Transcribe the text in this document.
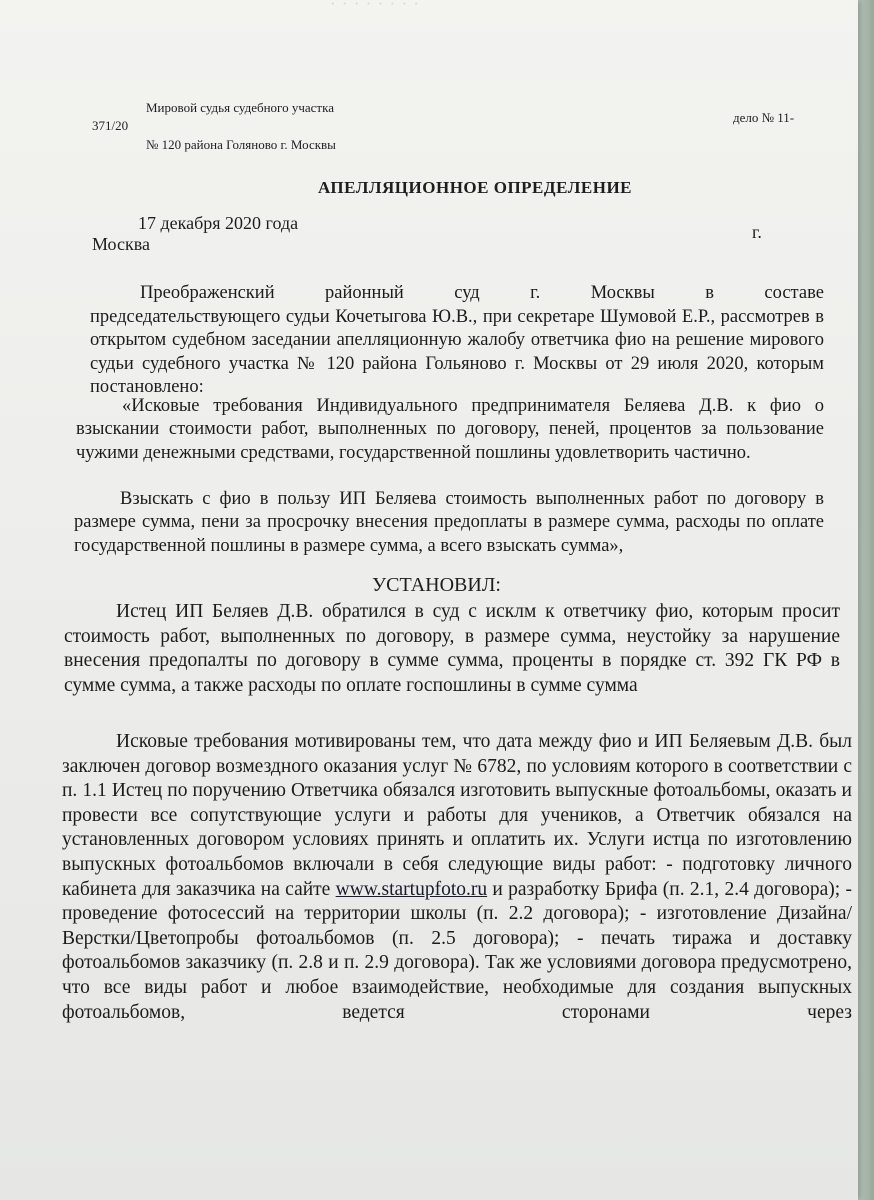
· · · · · · · ·

Мировой судья судебного участка

дело № 11-

371/20

№ 120 района Голяново г. Москвы

АПЕЛЛЯЦИОННОЕ ОПРЕДЕЛЕНИЕ

17 декабря 2020 года	г.

Москва

Преображенский	районный	суд	г.	Москвы	в	составе

председательствующего судьи Кочетыгова Ю.В., при секретаре Шумовой Е.Р., рассмотрев в открытом судебном заседании апелляционную жалобу ответчика фио на решение мирового судьи судебного участка № 120 района Гольяново г. Москвы от 29 июля 2020, которым постановлено:

«Исковые требования Индивидуального предпринимателя Беляева Д.В. к фио о взыскании стоимости работ, выполненных по договору, пеней, процентов за пользование чужими денежными средствами, государственной пошлины удовлетворить частично.

Взыскать с фио в пользу ИП Беляева стоимость выполненных работ по договору в размере сумма, пени за просрочку внесения предоплаты в размере сумма, расходы по оплате государственной пошлины в размере сумма, а всего взыскать сумма»,

УСТАНОВИЛ:

Истец ИП Беляев Д.В. обратился в суд с исклм к ответчику фио, которым просит стоимость работ, выполненных по договору, в размере сумма, неустойку за нарушение внесения предопалты по договору в сумме сумма, проценты в порядке ст. 392 ГК РФ в сумме сумма, а также расходы по оплате госпошлины в сумме сумма

Исковые требования мотивированы тем, что дата между фио и ИП Беляевым Д.В. был заключен договор возмездного оказания услуг № 6782, по условиям которого в соответствии с п. 1.1 Истец по поручению Ответчика обязался изготовить выпускные фотоальбомы, оказать и провести все сопутствующие услуги и работы для учеников, а Ответчик обязался на установленных договором условиях принять и оплатить их. Услуги истца по изготовлению выпускных фотоальбомов включали в себя следующие виды работ: - подготовку личного кабинета для заказчика на сайте www.startupfoto.ru и разработку Брифа (п. 2.1, 2.4 договора); - проведение фотосессий на территории школы (п. 2.2 договора); - изготовление Дизайна/Верстки/Цветопробы фотоальбомов (п. 2.5 договора); - печать тиража и доставку фотоальбомов заказчику (п. 2.8 и п. 2.9 договора). Так же условиями договора предусмотрено, что все виды работ и любое взаимодействие, необходимые для создания выпускных фотоальбомов, ведется сторонами через
